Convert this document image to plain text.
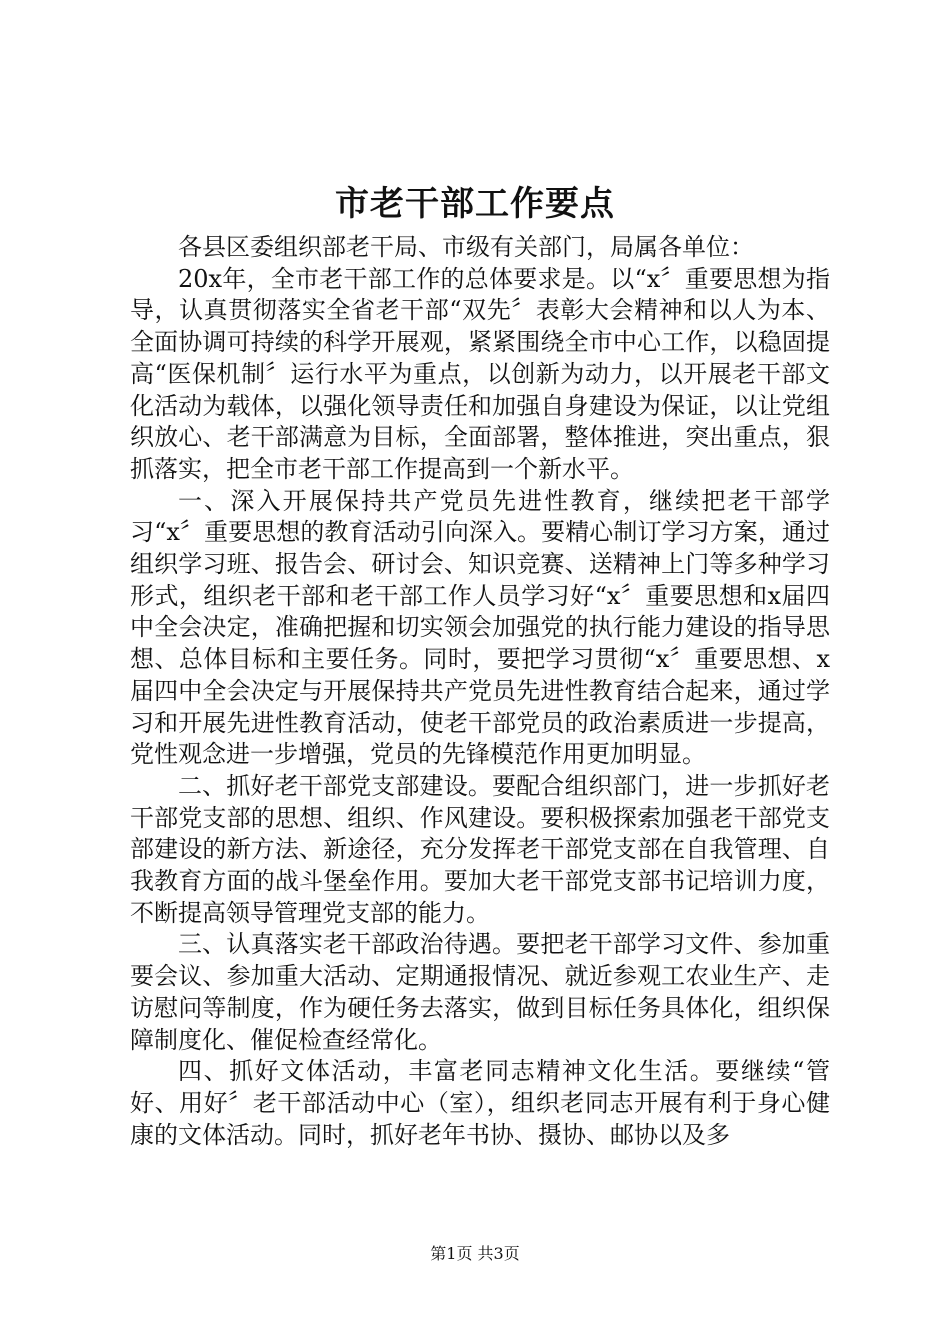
市老干部工作要点

各县区委组织部老干局、市级有关部门，局属各单位：

20x年，全市老干部工作的总体要求是。以“x〞重要思想为指导，认真贯彻落实全省老干部“双先〞表彰大会精神和以人为本、全面协调可持续的科学开展观，紧紧围绕全市中心工作，以稳固提高“医保机制〞运行水平为重点，以创新为动力，以开展老干部文化活动为载体，以强化领导责任和加强自身建设为保证，以让党组织放心、老干部满意为目标，全面部署，整体推进，突出重点，狠抓落实，把全市老干部工作提高到一个新水平。

一、深入开展保持共产党员先进性教育，继续把老干部学习“x〞重要思想的教育活动引向深入。要精心制订学习方案，通过组织学习班、报告会、研讨会、知识竞赛、送精神上门等多种学习形式，组织老干部和老干部工作人员学习好“x〞重要思想和x届四中全会决定，准确把握和切实领会加强党的执行能力建设的指导思想、总体目标和主要任务。同时，要把学习贯彻“x〞重要思想、x届四中全会决定与开展保持共产党员先进性教育结合起来，通过学习和开展先进性教育活动，使老干部党员的政治素质进一步提高，党性观念进一步增强，党员的先锋模范作用更加明显。

二、抓好老干部党支部建设。要配合组织部门，进一步抓好老干部党支部的思想、组织、作风建设。要积极探索加强老干部党支部建设的新方法、新途径，充分发挥老干部党支部在自我管理、自我教育方面的战斗堡垒作用。要加大老干部党支部书记培训力度，不断提高领导管理党支部的能力。

三、认真落实老干部政治待遇。要把老干部学习文件、参加重要会议、参加重大活动、定期通报情况、就近参观工农业生产、走访慰问等制度，作为硬任务去落实，做到目标任务具体化，组织保障制度化、催促检查经常化。

四、抓好文体活动，丰富老同志精神文化生活。要继续“管好、用好〞老干部活动中心（室），组织老同志开展有利于身心健康的文体活动。同时，抓好老年书协、摄协、邮协以及多

第1页 共3页
